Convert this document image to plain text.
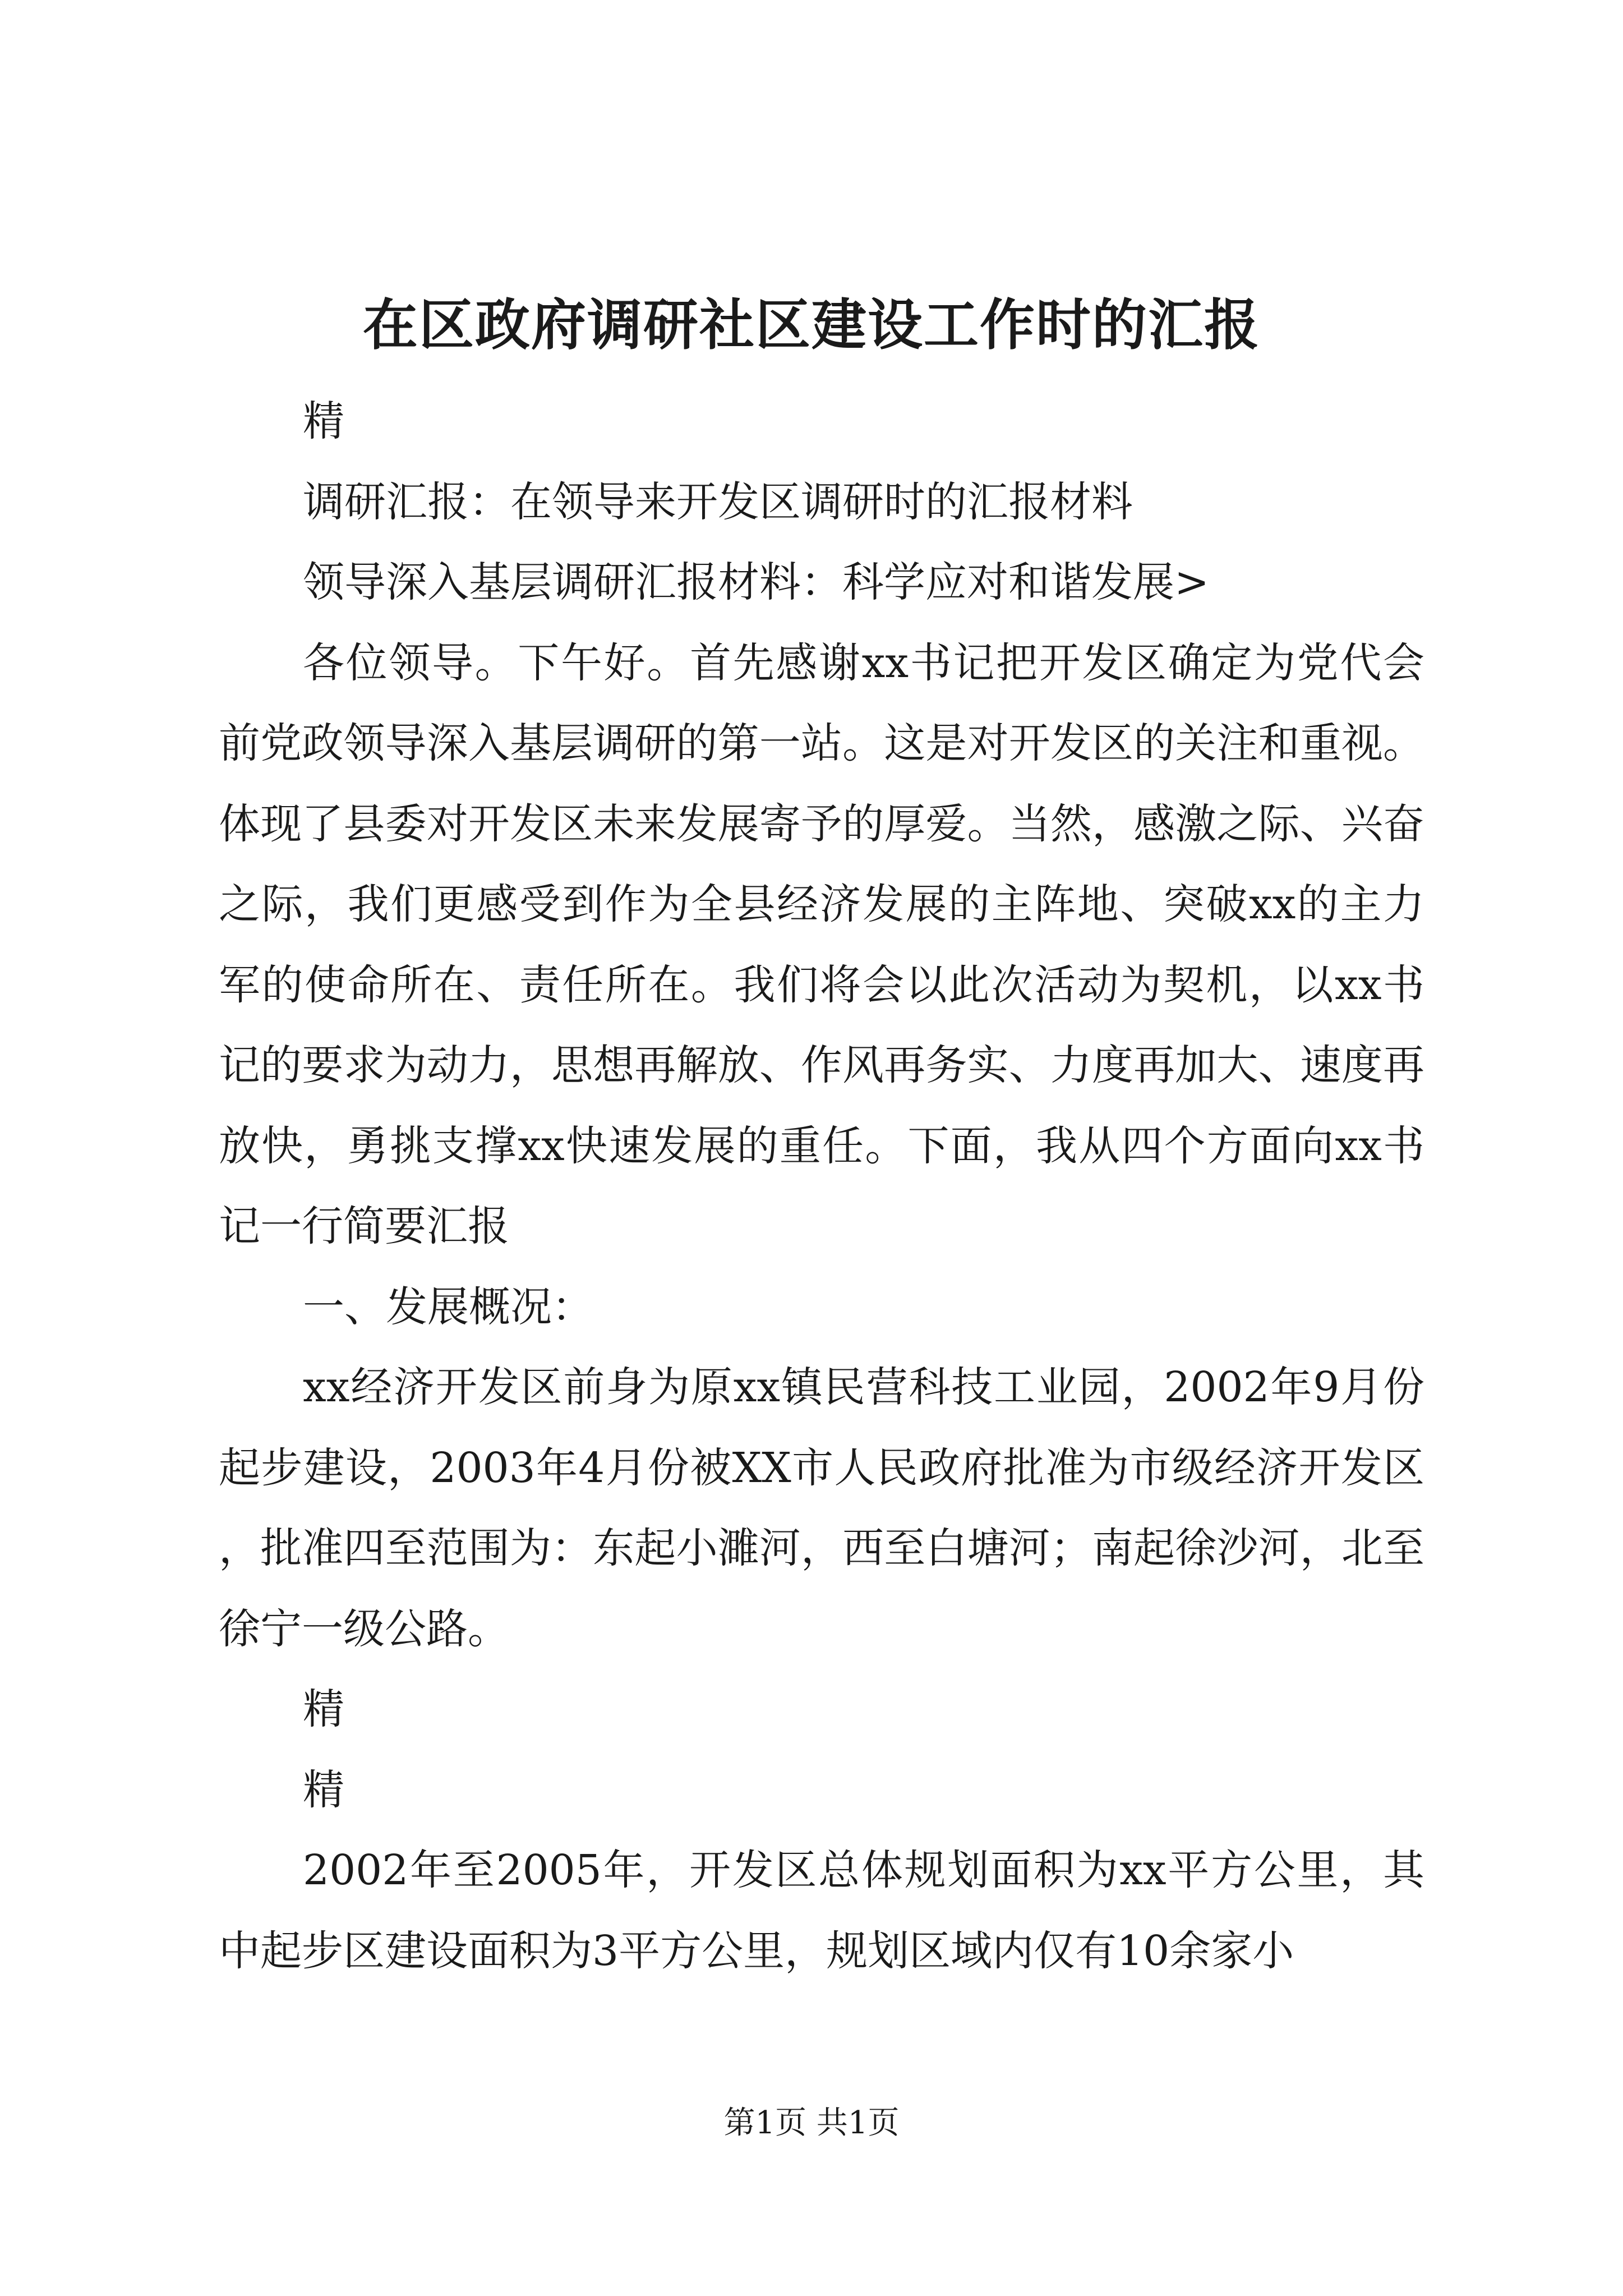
在区政府调研社区建设工作时的汇报

精

调研汇报：在领导来开发区调研时的汇报材料

领导深入基层调研汇报材料：科学应对和谐发展>

各位领导。下午好。首先感谢xx书记把开发区确定为党代会前党政领导深入基层调研的第一站。这是对开发区的关注和重视。体现了县委对开发区未来发展寄予的厚爱。当然，感激之际、兴奋之际，我们更感受到作为全县经济发展的主阵地、突破xx的主力军的使命所在、责任所在。我们将会以此次活动为契机，以xx书记的要求为动力，思想再解放、作风再务实、力度再加大、速度再放快，勇挑支撑xx快速发展的重任。下面，我从四个方面向xx书记一行简要汇报

一、发展概况：

xx经济开发区前身为原xx镇民营科技工业园，2002年9月份起步建设，2003年4月份被XX市人民政府批准为市级经济开发区，批准四至范围为：东起小濉河，西至白塘河；南起徐沙河，北至徐宁一级公路。

精

精

2002年至2005年，开发区总体规划面积为xx平方公里，其中起步区建设面积为3平方公里，规划区域内仅有10余家小

第1页 共1页
